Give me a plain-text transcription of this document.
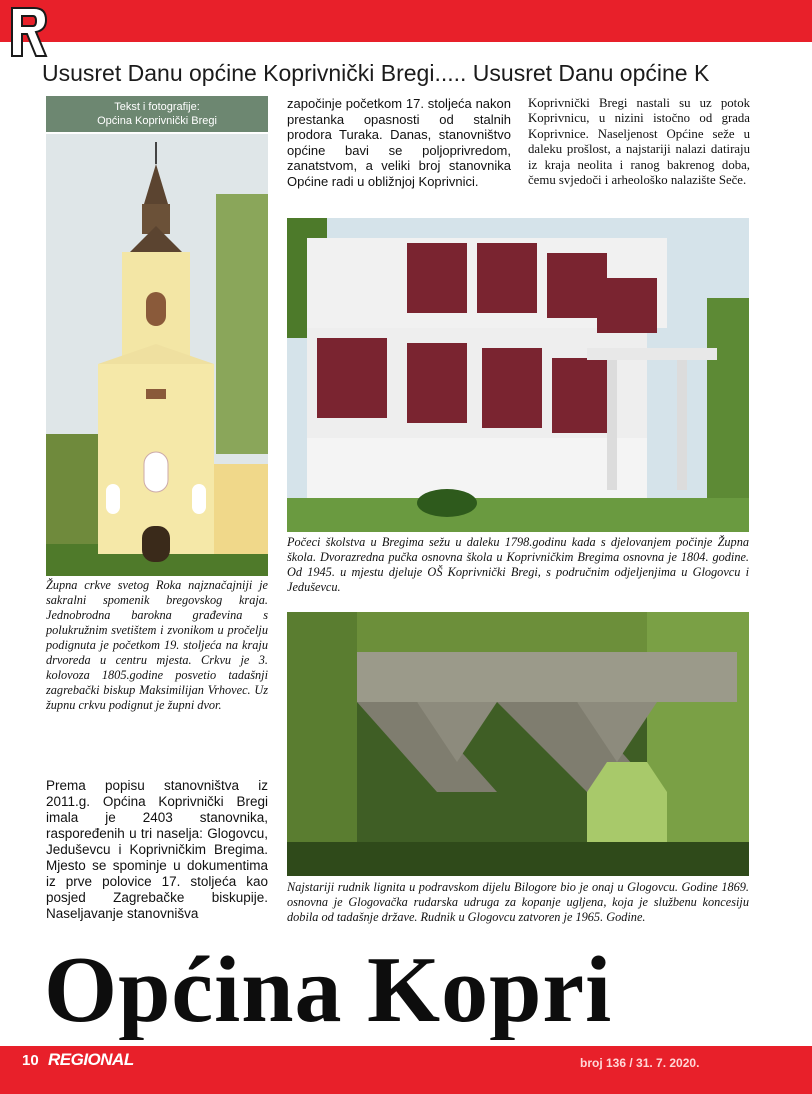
Ususret Danu općine Koprivnički Bregi..... Ususret Danu općine K
Tekst i fotografije:
Općina Koprivnički Bregi
Župna crkve svetog Roka najznačajniji je sakralni spomenik bregovskog kraja. Jednobrodna barokna građevina s polukružnim svetištem i zvonikom u pročelju podignuta je početkom 19. stoljeća na kraju drvoreda u centru mjesta. Crkvu je 3. kolovoza 1805.godine posvetio tadašnji zagrebački biskup Maksimilijan Vrhovec. Uz župnu crkvu podignut je župni dvor.
Prema popisu stanovništva iz 2011.g. Općina Koprivnički Bregi imala je 2403 stanovnika, raspoređenih u tri naselja: Glogovcu, Jeduševcu i Koprivničkim Bregima. Mjesto se spominje u dokumentima iz prve polovice 17. stoljeća kao posjed Zagrebačke biskupije. Naseljavanje stanovnišva
započinje početkom 17. stoljeća nakon prestanka opasnosti od stalnih prodora Turaka. Danas, stanovništvo općine bavi se poljoprivredom, zanatstvom, a veliki broj stanovnika Općine radi u obližnjoj Koprivnici.
Koprivnički Bregi nastali su uz potok Koprivnicu, u nizini istočno od grada Koprivnice. Naseljenost Općine seže u daleku prošlost, a najstariji nalazi datiraju iz kraja neolita i ranog bakrenog doba, čemu svjedoči i arheološko nalazište Seče.
Počeci školstva u Bregima sežu u daleku 1798.godinu kada s djelovanjem počinje Župna škola. Dvorazredna pučka osnovna škola u Koprivničkim Bregima osnovna je 1804. godine. Od 1945. u mjestu djeluje OŠ Koprivnički Bregi, s područnim odjeljenjima u Glogovcu i Jeduševcu.
Najstariji rudnik lignita u podravskom dijelu Bilogore bio je onaj u Glogovcu. Godine 1869. osnovna je Glogovačka rudarska udruga za kopanje ugljena, koja je službenu koncesiju dobila od tadašnje države. Rudnik u Glogovcu zatvoren je 1965. Godine.
Općina Kopri
10 REGIONAL	broj 136 / 31. 7. 2020.
